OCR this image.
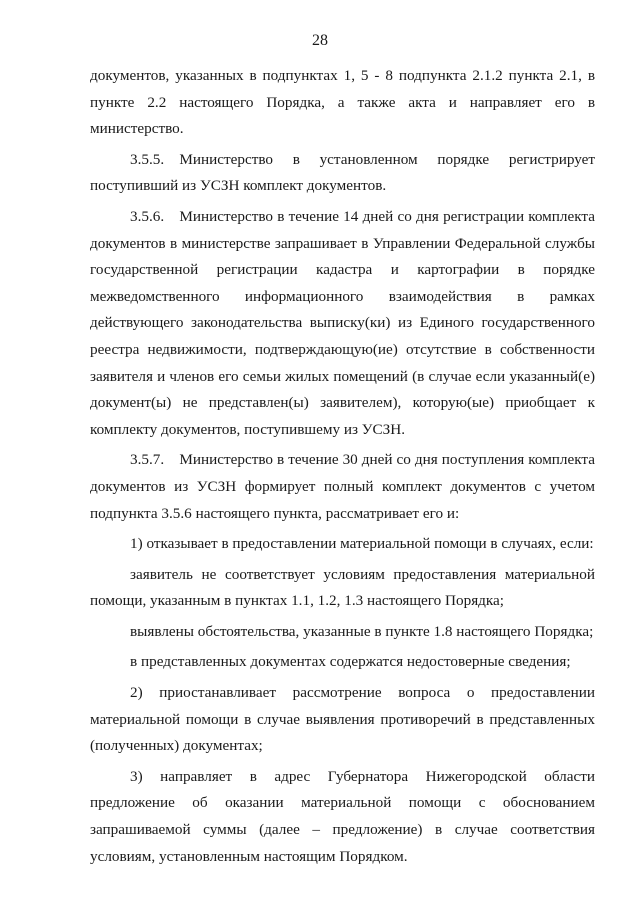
28

документов, указанных в подпунктах 1, 5 - 8 подпункта 2.1.2 пункта 2.1, в пункте 2.2 настоящего Порядка, а также акта и направляет его в министерство.

3.5.5. Министерство в установленном порядке регистрирует поступивший из УСЗН комплект документов.

3.5.6. Министерство в течение 14 дней со дня регистрации комплекта документов в министерстве запрашивает в Управлении Федеральной службы государственной регистрации кадастра и картографии в порядке межведомственного информационного взаимодействия в рамках действующего законодательства выписку(ки) из Единого государственного реестра недвижимости, подтверждающую(ие) отсутствие в собственности заявителя и членов его семьи жилых помещений (в случае если указанный(е) документ(ы) не представлен(ы) заявителем), которую(ые) приобщает к комплекту документов, поступившему из УСЗН.

3.5.7. Министерство в течение 30 дней со дня поступления комплекта документов из УСЗН формирует полный комплект документов с учетом подпункта 3.5.6 настоящего пункта, рассматривает его и:

1) отказывает в предоставлении материальной помощи в случаях, если:

заявитель не соответствует условиям предоставления материальной помощи, указанным в пунктах 1.1, 1.2, 1.3 настоящего Порядка;

выявлены обстоятельства, указанные в пункте 1.8 настоящего Порядка;

в представленных документах содержатся недостоверные сведения;

2) приостанавливает рассмотрение вопроса о предоставлении материальной помощи в случае выявления противоречий в представленных (полученных) документах;

3) направляет в адрес Губернатора Нижегородской области предложение об оказании материальной помощи с обоснованием запрашиваемой суммы (далее – предложение) в случае соответствия условиям, установленным настоящим Порядком.
